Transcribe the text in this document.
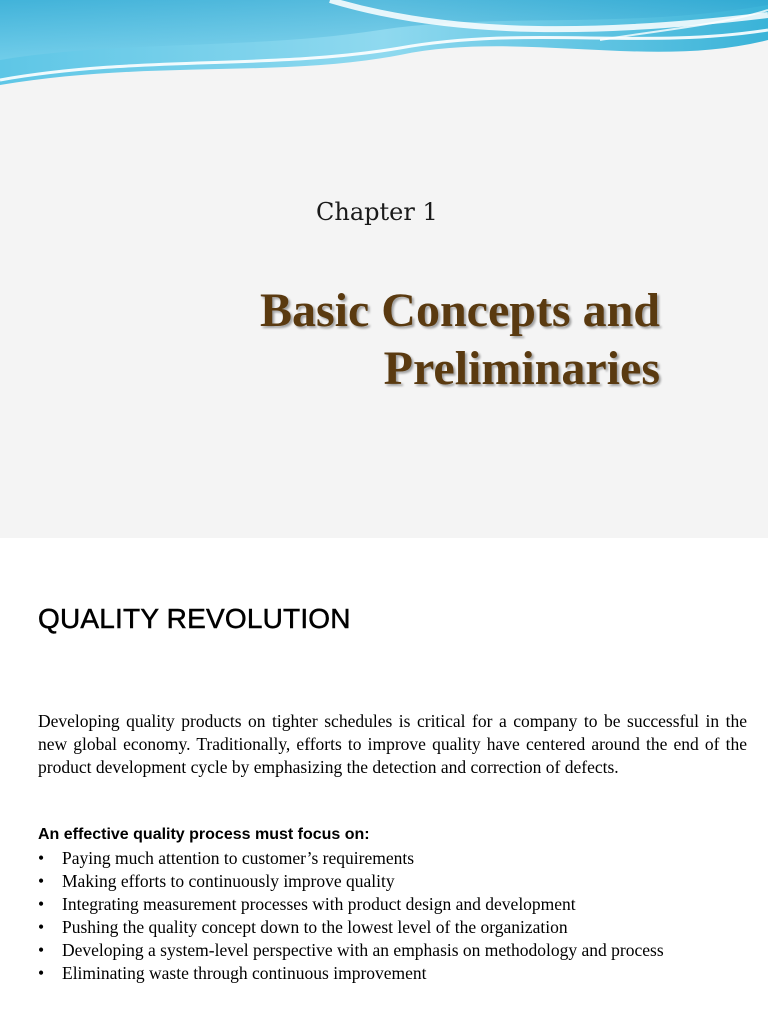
Chapter 1
Basic Concepts and
Preliminaries
QUALITY REVOLUTION

Developing quality products on tighter schedules is critical for a company to be successful in the new global economy. Traditionally, efforts to improve quality have centered around the end of the product development cycle by emphasizing the detection and correction of defects.

An effective quality process must focus on:
• Paying much attention to customer’s requirements
• Making efforts to continuously improve quality
• Integrating measurement processes with product design and development
• Pushing the quality concept down to the lowest level of the organization
• Developing a system-level perspective with an emphasis on methodology and process
• Eliminating waste through continuous improvement
